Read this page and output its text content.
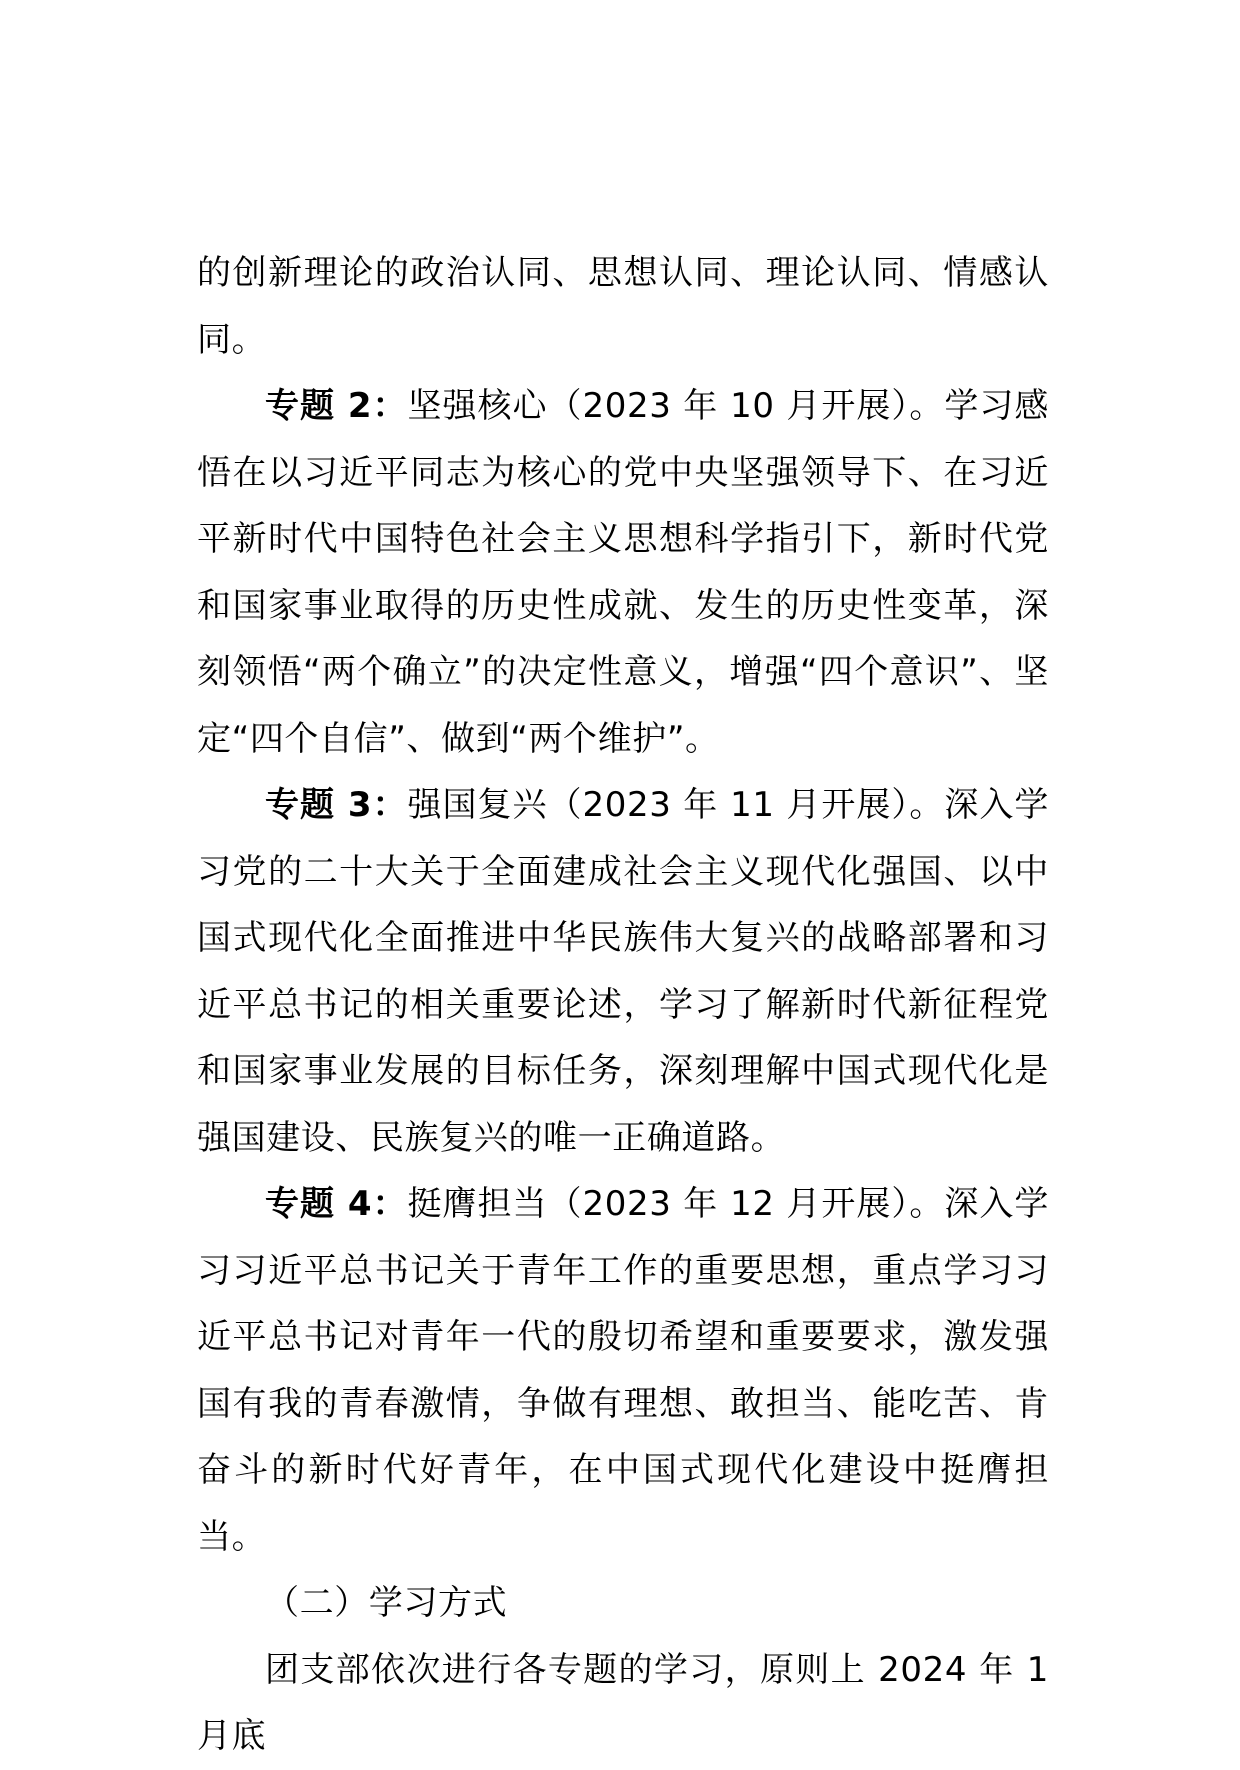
的创新理论的政治认同、思想认同、理论认同、情感认同。

专题 2：坚强核心（2023 年 10 月开展）。学习感悟在以习近平同志为核心的党中央坚强领导下、在习近平新时代中国特色社会主义思想科学指引下，新时代党和国家事业取得的历史性成就、发生的历史性变革，深刻领悟“两个确立”的决定性意义，增强“四个意识”、坚定“四个自信”、做到“两个维护”。

专题 3：强国复兴（2023 年 11 月开展）。深入学习党的二十大关于全面建成社会主义现代化强国、以中国式现代化全面推进中华民族伟大复兴的战略部署和习近平总书记的相关重要论述，学习了解新时代新征程党和国家事业发展的目标任务，深刻理解中国式现代化是强国建设、民族复兴的唯一正确道路。

专题 4：挺膺担当（2023 年 12 月开展）。深入学习习近平总书记关于青年工作的重要思想，重点学习习近平总书记对青年一代的殷切希望和重要要求，激发强国有我的青春激情，争做有理想、敢担当、能吃苦、肯奋斗的新时代好青年，在中国式现代化建设中挺膺担当。

（二）学习方式

团支部依次进行各专题的学习，原则上 2024 年 1 月底
